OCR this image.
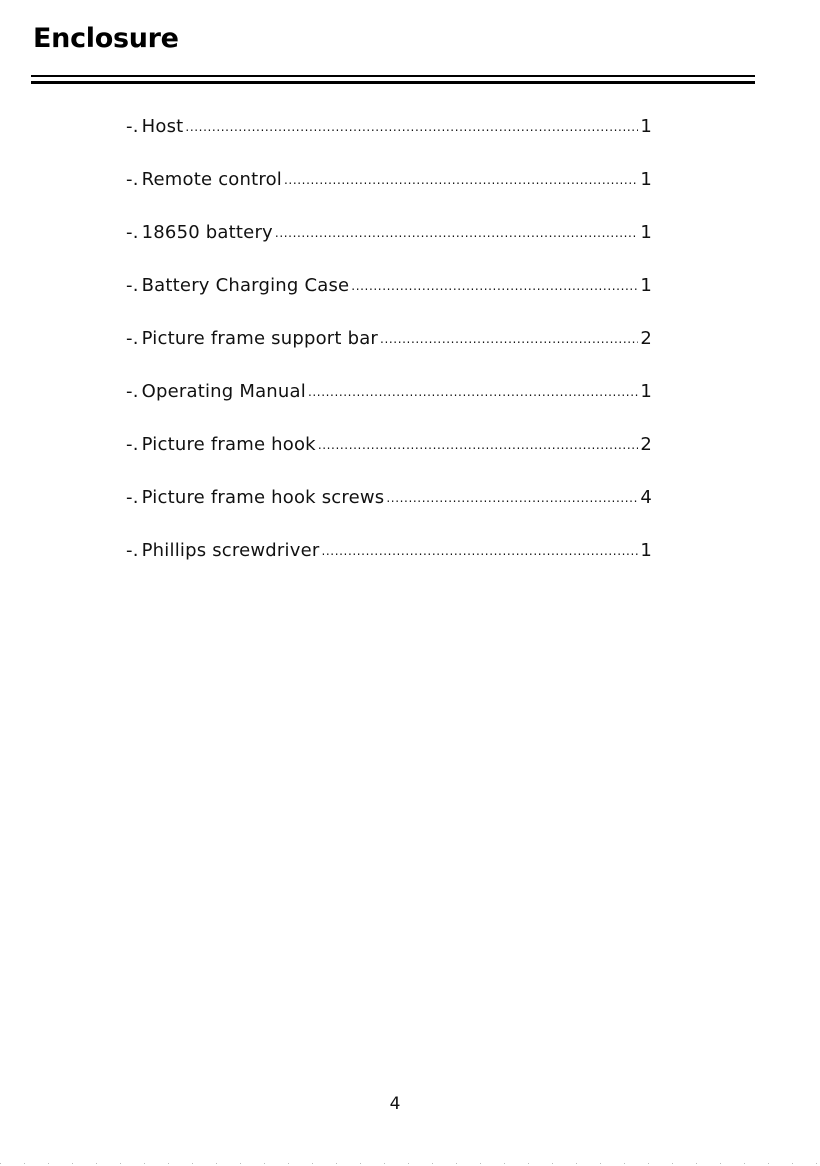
Enclosure
-. Host .....	1
-. Remote control .....	1
-. 18650 battery .....	1
-. Battery Charging Case .....	1
-. Picture frame support bar .....	2
-. Operating Manual .....	1
-. Picture frame hook .....	2
-. Picture frame hook screws .....	4
-. Phillips screwdriver .....	1
4
